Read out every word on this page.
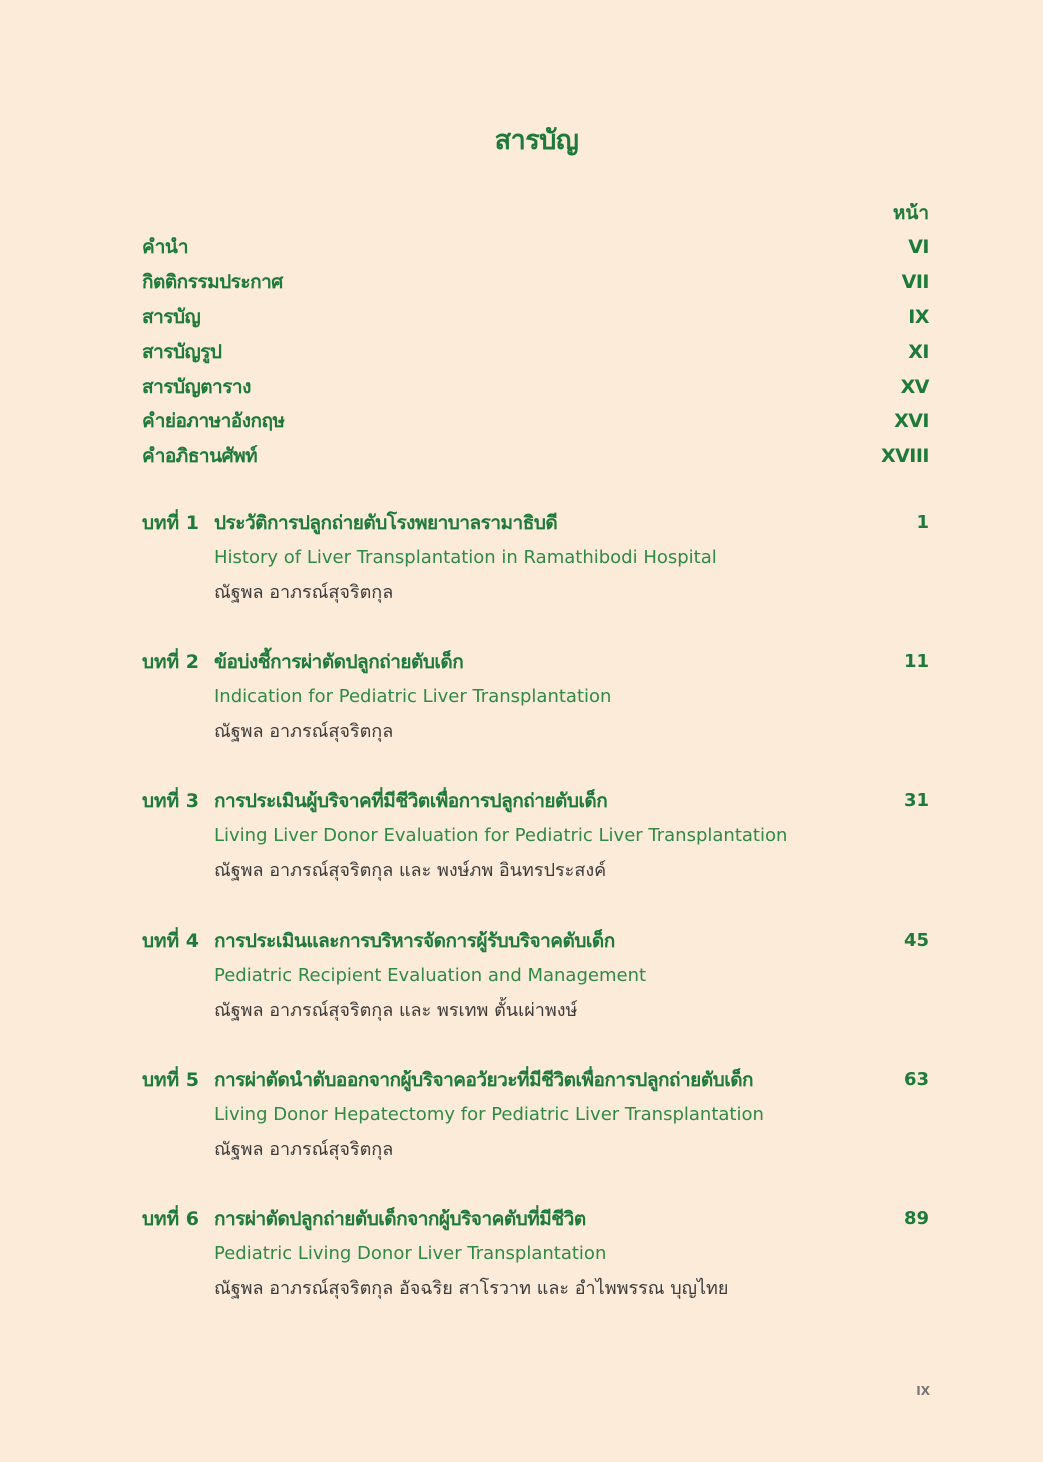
สารบัญ
หน้า
คำนำ	VI
กิตติกรรมประกาศ	VII
สารบัญ	IX
สารบัญรูป	XI
สารบัญตาราง	XV
คำย่อภาษาอังกฤษ	XVI
คำอภิธานศัพท์	XVIII
บทที่ 1 ประวัติการปลูกถ่ายตับโรงพยาบาลรามาธิบดี	1
History of Liver Transplantation in Ramathibodi Hospital
ณัฐพล อาภรณ์สุจริตกุล
บทที่ 2 ข้อบ่งชี้การผ่าตัดปลูกถ่ายตับเด็ก	11
Indication for Pediatric Liver Transplantation
ณัฐพล อาภรณ์สุจริตกุล
บทที่ 3 การประเมินผู้บริจาคที่มีชีวิตเพื่อการปลูกถ่ายตับเด็ก	31
Living Liver Donor Evaluation for Pediatric Liver Transplantation
ณัฐพล อาภรณ์สุจริตกุล และ พงษ์ภพ อินทรประสงค์
บทที่ 4 การประเมินและการบริหารจัดการผู้รับบริจาคตับเด็ก	45
Pediatric Recipient Evaluation and Management
ณัฐพล อาภรณ์สุจริตกุล และ พรเทพ ตั้นเผ่าพงษ์
บทที่ 5 การผ่าตัดนำตับออกจากผู้บริจาคอวัยวะที่มีชีวิตเพื่อการปลูกถ่ายตับเด็ก	63
Living Donor Hepatectomy for Pediatric Liver Transplantation
ณัฐพล อาภรณ์สุจริตกุล
บทที่ 6 การผ่าตัดปลูกถ่ายตับเด็กจากผู้บริจาคตับที่มีชีวิต	89
Pediatric Living Donor Liver Transplantation
ณัฐพล อาภรณ์สุจริตกุล อัจฉริย สาโรวาท และ อำไพพรรณ บุญไทย
IX
